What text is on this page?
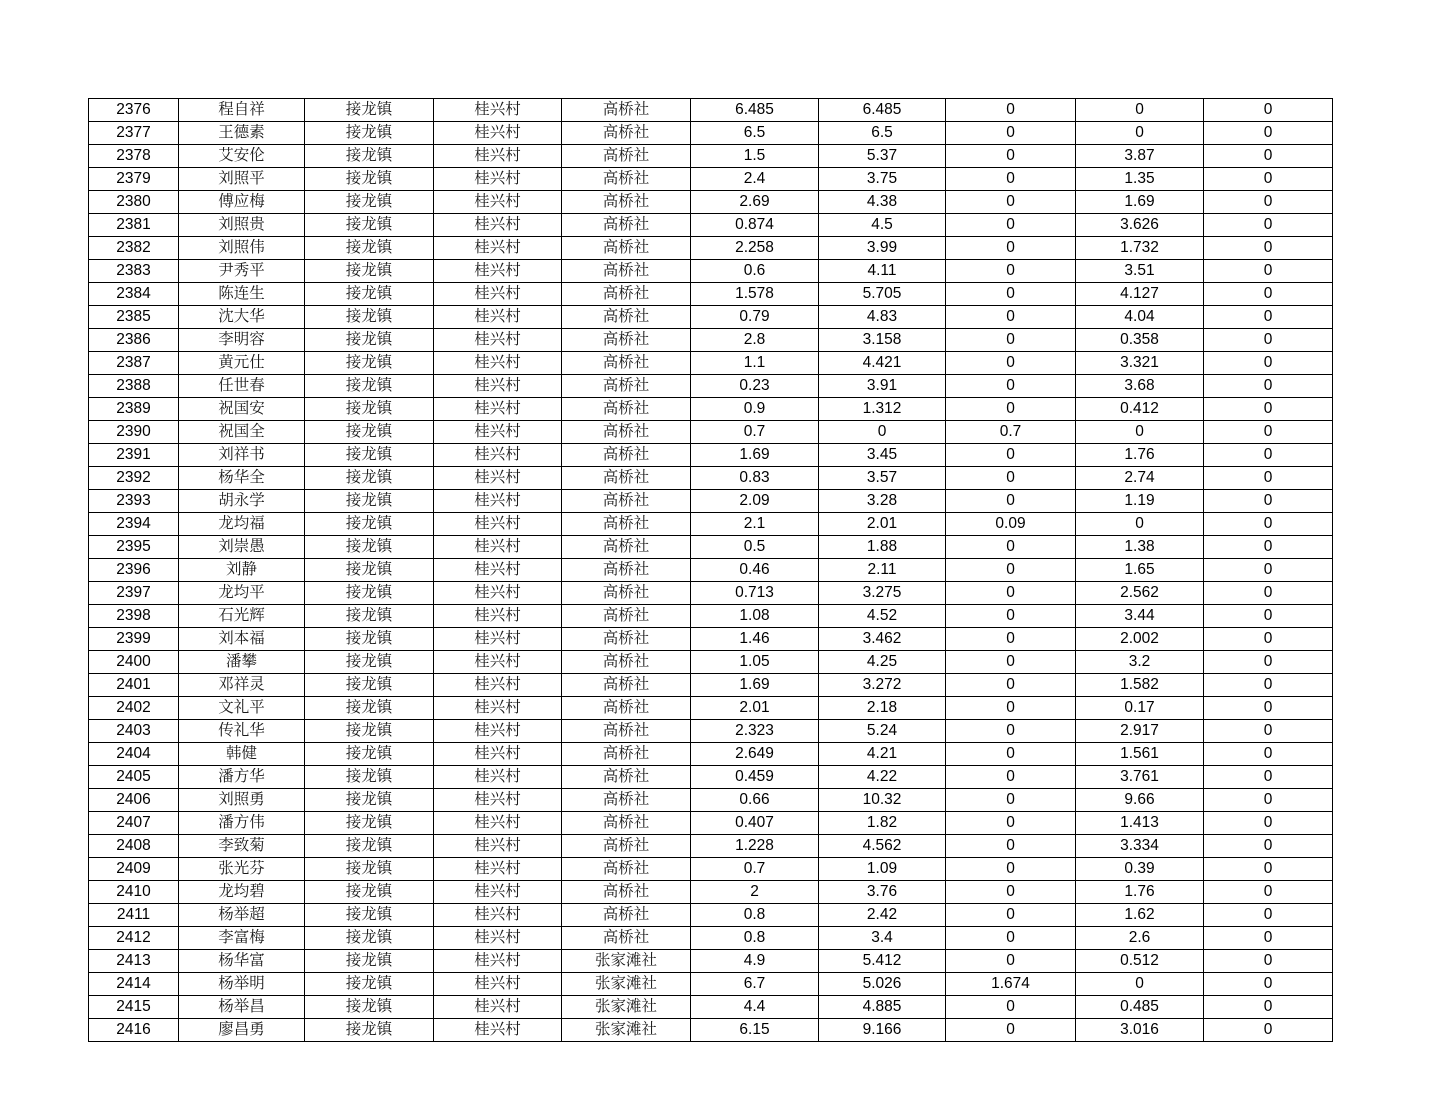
2376	程自祥	接龙镇	桂兴村	高桥社	6.485	6.485	0	0	0
2377	王德素	接龙镇	桂兴村	高桥社	6.5	6.5	0	0	0
2378	艾安伦	接龙镇	桂兴村	高桥社	1.5	5.37	0	3.87	0
2379	刘照平	接龙镇	桂兴村	高桥社	2.4	3.75	0	1.35	0
2380	傅应梅	接龙镇	桂兴村	高桥社	2.69	4.38	0	1.69	0
2381	刘照贵	接龙镇	桂兴村	高桥社	0.874	4.5	0	3.626	0
2382	刘照伟	接龙镇	桂兴村	高桥社	2.258	3.99	0	1.732	0
2383	尹秀平	接龙镇	桂兴村	高桥社	0.6	4.11	0	3.51	0
2384	陈连生	接龙镇	桂兴村	高桥社	1.578	5.705	0	4.127	0
2385	沈大华	接龙镇	桂兴村	高桥社	0.79	4.83	0	4.04	0
2386	李明容	接龙镇	桂兴村	高桥社	2.8	3.158	0	0.358	0
2387	黄元仕	接龙镇	桂兴村	高桥社	1.1	4.421	0	3.321	0
2388	任世春	接龙镇	桂兴村	高桥社	0.23	3.91	0	3.68	0
2389	祝国安	接龙镇	桂兴村	高桥社	0.9	1.312	0	0.412	0
2390	祝国全	接龙镇	桂兴村	高桥社	0.7	0	0.7	0	0
2391	刘祥书	接龙镇	桂兴村	高桥社	1.69	3.45	0	1.76	0
2392	杨华全	接龙镇	桂兴村	高桥社	0.83	3.57	0	2.74	0
2393	胡永学	接龙镇	桂兴村	高桥社	2.09	3.28	0	1.19	0
2394	龙均福	接龙镇	桂兴村	高桥社	2.1	2.01	0.09	0	0
2395	刘崇愚	接龙镇	桂兴村	高桥社	0.5	1.88	0	1.38	0
2396	刘静	接龙镇	桂兴村	高桥社	0.46	2.11	0	1.65	0
2397	龙均平	接龙镇	桂兴村	高桥社	0.713	3.275	0	2.562	0
2398	石光辉	接龙镇	桂兴村	高桥社	1.08	4.52	0	3.44	0
2399	刘本福	接龙镇	桂兴村	高桥社	1.46	3.462	0	2.002	0
2400	潘攀	接龙镇	桂兴村	高桥社	1.05	4.25	0	3.2	0
2401	邓祥灵	接龙镇	桂兴村	高桥社	1.69	3.272	0	1.582	0
2402	文礼平	接龙镇	桂兴村	高桥社	2.01	2.18	0	0.17	0
2403	传礼华	接龙镇	桂兴村	高桥社	2.323	5.24	0	2.917	0
2404	韩健	接龙镇	桂兴村	高桥社	2.649	4.21	0	1.561	0
2405	潘方华	接龙镇	桂兴村	高桥社	0.459	4.22	0	3.761	0
2406	刘照勇	接龙镇	桂兴村	高桥社	0.66	10.32	0	9.66	0
2407	潘方伟	接龙镇	桂兴村	高桥社	0.407	1.82	0	1.413	0
2408	李致菊	接龙镇	桂兴村	高桥社	1.228	4.562	0	3.334	0
2409	张光芬	接龙镇	桂兴村	高桥社	0.7	1.09	0	0.39	0
2410	龙均碧	接龙镇	桂兴村	高桥社	2	3.76	0	1.76	0
2411	杨举超	接龙镇	桂兴村	高桥社	0.8	2.42	0	1.62	0
2412	李富梅	接龙镇	桂兴村	高桥社	0.8	3.4	0	2.6	0
2413	杨华富	接龙镇	桂兴村	张家滩社	4.9	5.412	0	0.512	0
2414	杨举明	接龙镇	桂兴村	张家滩社	6.7	5.026	1.674	0	0
2415	杨举昌	接龙镇	桂兴村	张家滩社	4.4	4.885	0	0.485	0
2416	廖昌勇	接龙镇	桂兴村	张家滩社	6.15	9.166	0	3.016	0
